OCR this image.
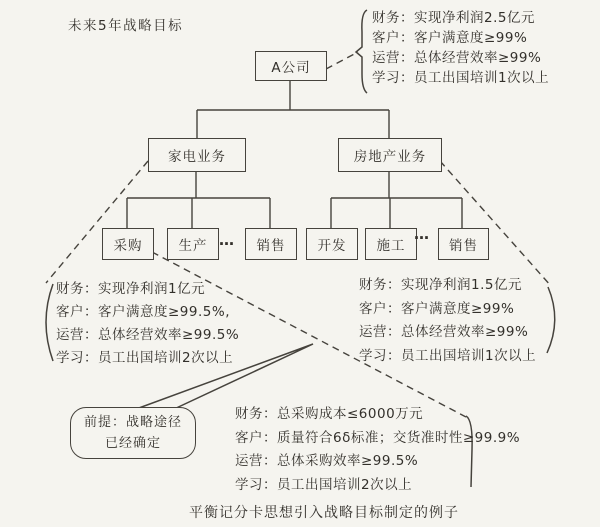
未来5年战略目标
A公司
家电业务	房地产业务
采购	生产 …	销售	开发	施工
…
销售
财务：实现净利润2.5亿元
客户：客户满意度≥99%
运营：总体经营效率≥99%
学习：员工出国培训1次以上
财务：实现净利润1亿元
客户：客户满意度≥99.5%,
运营：总体经营效率≥99.5%
学习：员工出国培训2次以上
财务：实现净利润1.5亿元
客户：客户满意度≥99%
运营：总体经营效率≥99%
学习：员工出国培训1次以上
财务：总采购成本≤6000万元
客户：质量符合6δ标准；交货准时性≥99.9%
运营：总体采购效率≥99.5%
学习：员工出国培训2次以上
前提：战略途径
已经确定
平衡记分卡思想引入战略目标制定的例子
